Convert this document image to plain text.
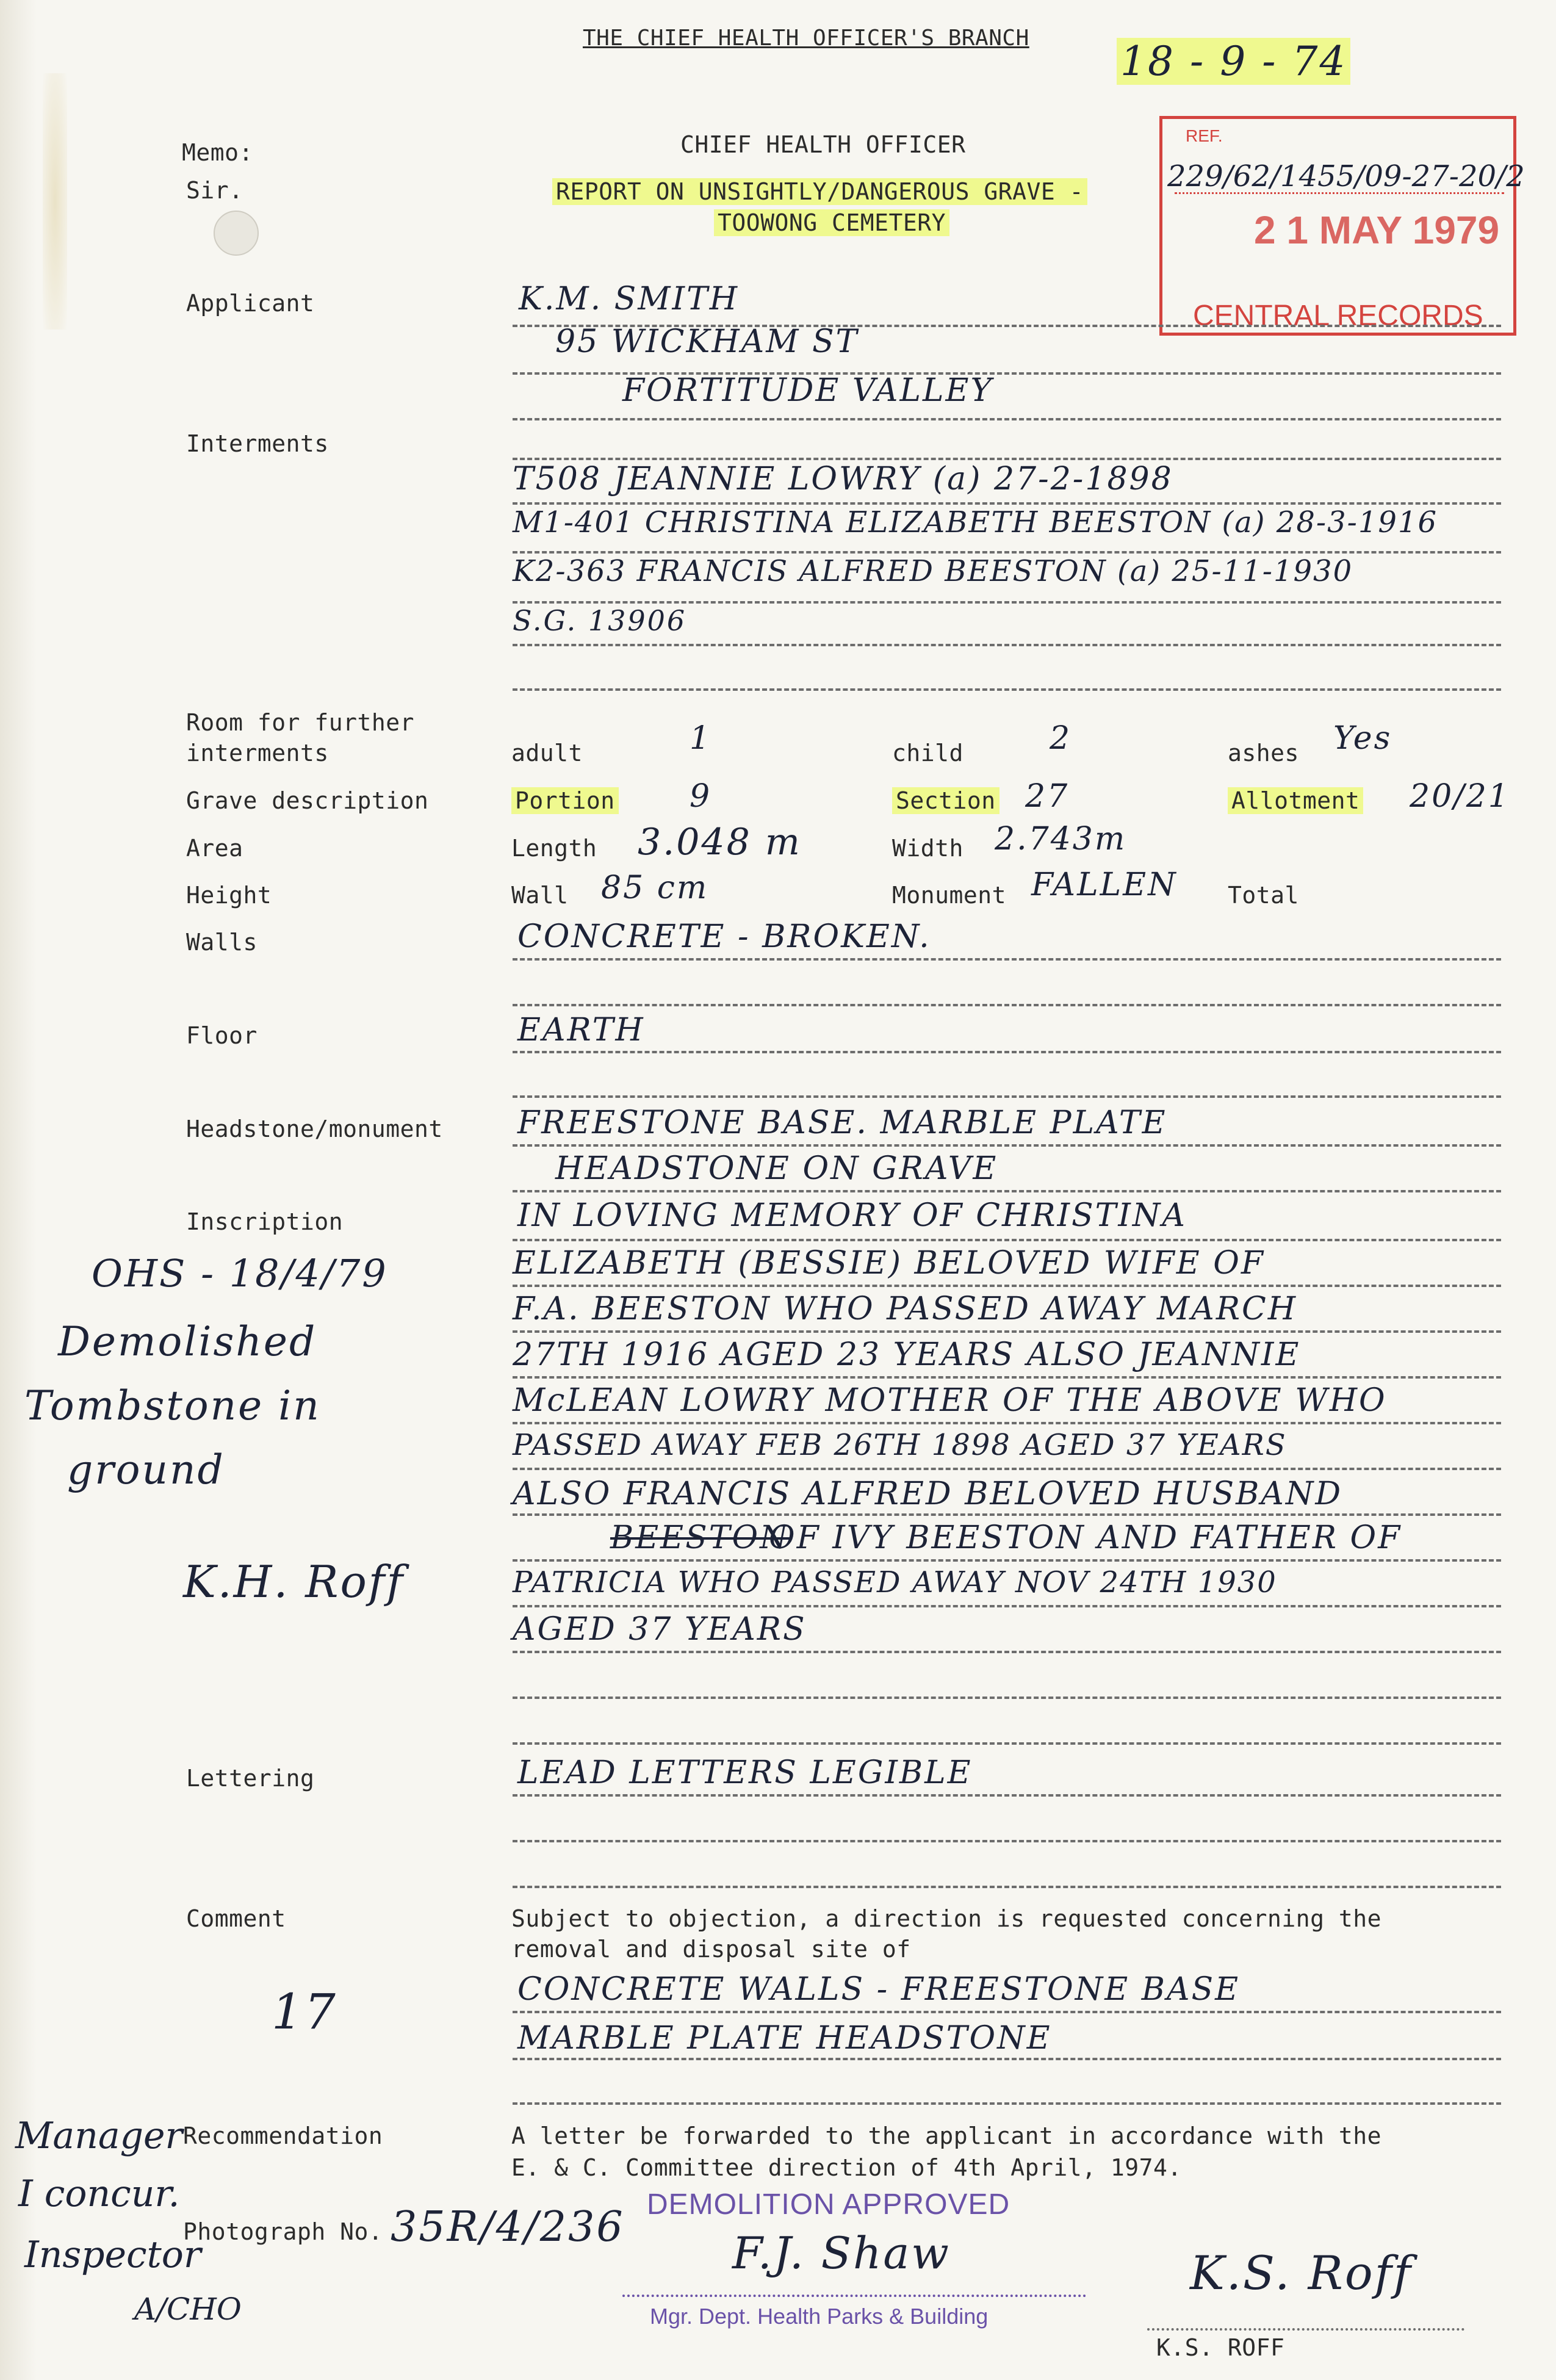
THE CHIEF HEALTH OFFICER'S BRANCH 18 - 9 - 74
Memo:
Sir.
CHIEF HEALTH OFFICER
REPORT ON UNSIGHTLY/DANGEROUS GRAVE -
TOOWONG CEMETERY
REF.
229/62/1455/09-27-20/2
2 1 MAY 1979
CENTRAL RECORDS
Applicant	K.M. SMITH
95 WICKHAM ST
FORTITUDE VALLEY
Interments
T508 JEANNIE LOWRY (a) 27-2-1898
M1-401 CHRISTINA ELIZABETH BEESTON (a) 28-3-1916
K2-363 FRANCIS ALFRED BEESTON (a) 25-11-1930
S.G. 13906
Room for further
interments	adult	1	child	2	ashes Yes
Grave description	Portion 9	Section 27	Allotment 20/21
Area	Length 3.048 m	Width 2.743m
Height	Wall 85 cm	Monument FALLEN Total
Walls	CONCRETE - BROKEN.
Floor	EARTH
Headstone/monument FREESTONE BASE. MARBLE PLATE
HEADSTONE ON GRAVE
Inscription	IN LOVING MEMORY OF CHRISTINA
ELIZABETH (BESSIE) BELOVED WIFE OF
F.A. BEESTON WHO PASSED AWAY MARCH
27TH 1916 AGED 23 YEARS ALSO JEANNIE
McLEAN LOWRY MOTHER OF THE ABOVE WHO
PASSED AWAY FEB 26TH 1898 AGED 37 YEARS
ALSO FRANCIS ALFRED BELOVED HUSBAND
BEESTON
OF IVY BEESTON AND FATHER OF
PATRICIA WHO PASSED AWAY NOV 24TH 1930
AGED 37 YEARS
OHS - 18/4/79
Demolished
Tombstone in
ground
K.H. Roff
Lettering	LEAD LETTERS LEGIBLE
Comment
17
Subject to objection, a direction is requested concerning the
removal and disposal site of
CONCRETE WALLS - FREESTONE BASE
MARBLE PLATE HEADSTONE
Manager Recommendation	A letter be forwarded to the applicant in accordance with the
E. & C. Committee direction of 4th April, 1974.
I concur.
Inspector
A/CHO
Photograph No. 35R/4/236 DEMOLITION APPROVED
F.J. Shaw
Mgr. Dept. Health Parks & Building
K.S. Roff
K.S. ROFF
